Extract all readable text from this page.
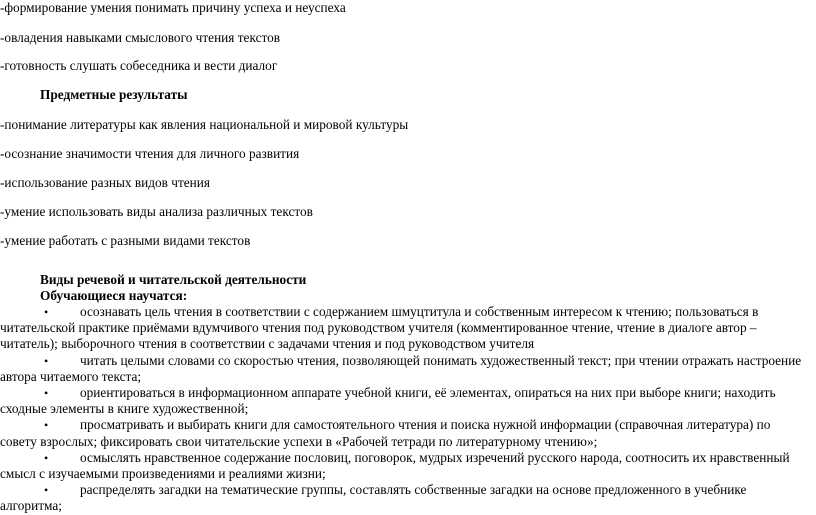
-формирование умения понимать причину успеха и неуспеха
-овладения навыками смыслового чтения текстов
-готовность слушать собеседника и вести диалог
Предметные результаты
-понимание литературы как явления национальной и мировой культуры
-осознание значимости чтения для личного развития
-использование разных видов чтения
-умение использовать виды анализа различных текстов
-умение работать с разными видами текстов
Виды речевой и читательской деятельности
Обучающиеся научатся:
• осознавать цель чтения в соответствии с содержанием шмуцтитула и собственным интересом к чтению; пользоваться в читательской практике приёмами вдумчивого чтения под руководством учителя (комментированное чтение, чтение в диалоге автор – читатель); выборочного чтения в соответствии с задачами чтения и под руководством учителя
• читать целыми словами со скоростью чтения, позволяющей понимать художественный текст; при чтении отражать настроение автора читаемого текста;
• ориентироваться в информационном аппарате учебной книги, её элементах, опираться на них при выборе книги; находить сходные элементы в книге художественной;
• просматривать и выбирать книги для самостоятельного чтения и поиска нужной информации (справочная литература) по совету взрослых; фиксировать свои читательские успехи в «Рабочей тетради по литературному чтению»;
• осмыслять нравственное содержание пословиц, поговорок, мудрых изречений русского народа, соотносить их нравственный смысл с изучаемыми произведениями и реалиями жизни;
• распределять загадки на тематические группы, составлять собственные загадки на основе предложенного в учебнике алгоритма;
